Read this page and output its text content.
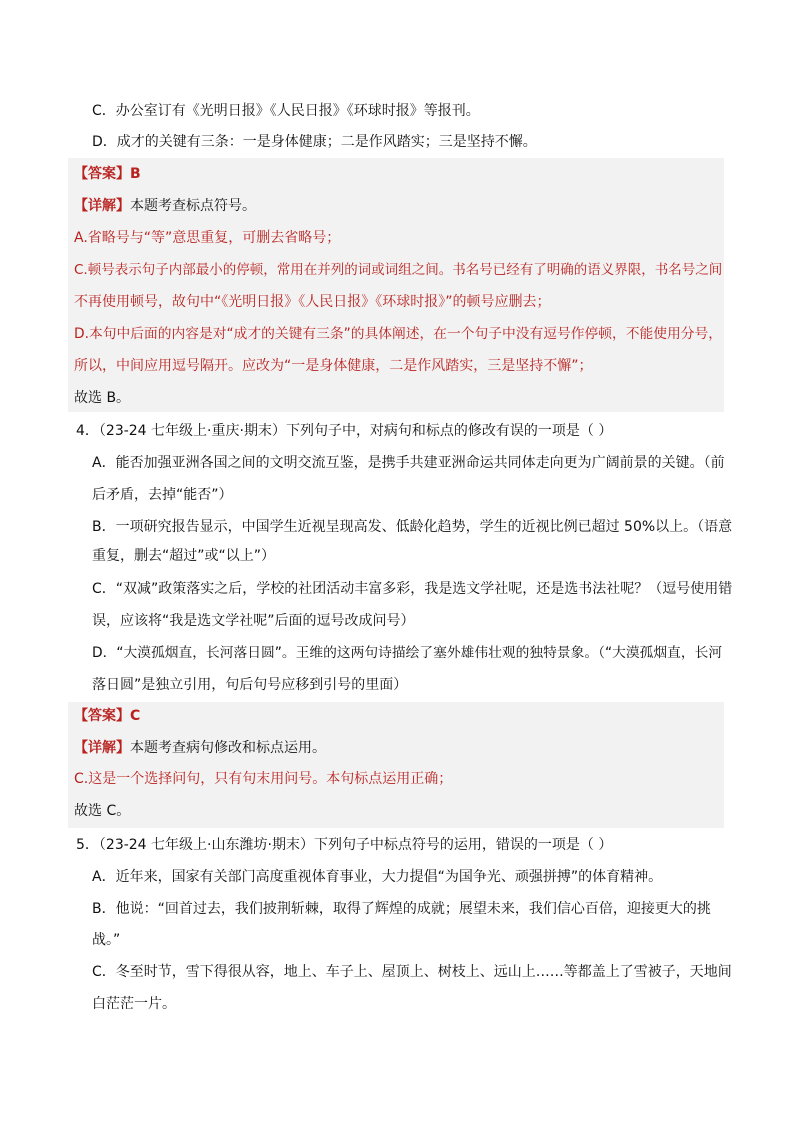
C．办公室订有《光明日报》《人民日报》《环球时报》等报刊。
D．成才的关键有三条：一是身体健康；二是作风踏实；三是坚持不懈。
【答案】B
【详解】本题考查标点符号。
A.省略号与“等”意思重复，可删去省略号；
C.顿号表示句子内部最小的停顿，常用在并列的词或词组之间。书名号已经有了明确的语义界限，书名号之间
不再使用顿号，故句中“《光明日报》《人民日报》《环球时报》”的顿号应删去；
D.本句中后面的内容是对“成才的关键有三条”的具体阐述，在一个句子中没有逗号作停顿，不能使用分号，
所以，中间应用逗号隔开。应改为“一是身体健康，二是作风踏实，三是坚持不懈”；
故选 B。
4．（23-24 七年级上·重庆·期末）下列句子中，对病句和标点的修改有误的一项是（ ）
A．能否加强亚洲各国之间的文明交流互鉴，是携手共建亚洲命运共同体走向更为广阔前景的关键。（前
后矛盾，去掉“能否”）
B．一项研究报告显示，中国学生近视呈现高发、低龄化趋势，学生的近视比例已超过 50%以上。（语意
重复，删去“超过”或“以上”）
C．“双减”政策落实之后，学校的社团活动丰富多彩，我是选文学社呢，还是选书法社呢？（逗号使用错
误，应该将“我是选文学社呢”后面的逗号改成问号）
D．“大漠孤烟直，长河落日圆”。王维的这两句诗描绘了塞外雄伟壮观的独特景象。（“大漠孤烟直，长河
落日圆”是独立引用，句后句号应移到引号的里面）
【答案】C
【详解】本题考查病句修改和标点运用。
C.这是一个选择问句，只有句末用问号。本句标点运用正确；
故选 C。
5．（23-24 七年级上·山东潍坊·期末）下列句子中标点符号的运用，错误的一项是（ ）
A．近年来，国家有关部门高度重视体育事业，大力提倡“为国争光、顽强拼搏”的体育精神。
B．他说：“回首过去，我们披荆斩棘，取得了辉煌的成就；展望未来，我们信心百倍，迎接更大的挑
战。”
C．冬至时节，雪下得很从容，地上、车子上、屋顶上、树枝上、远山上……等都盖上了雪被子，天地间
白茫茫一片。
